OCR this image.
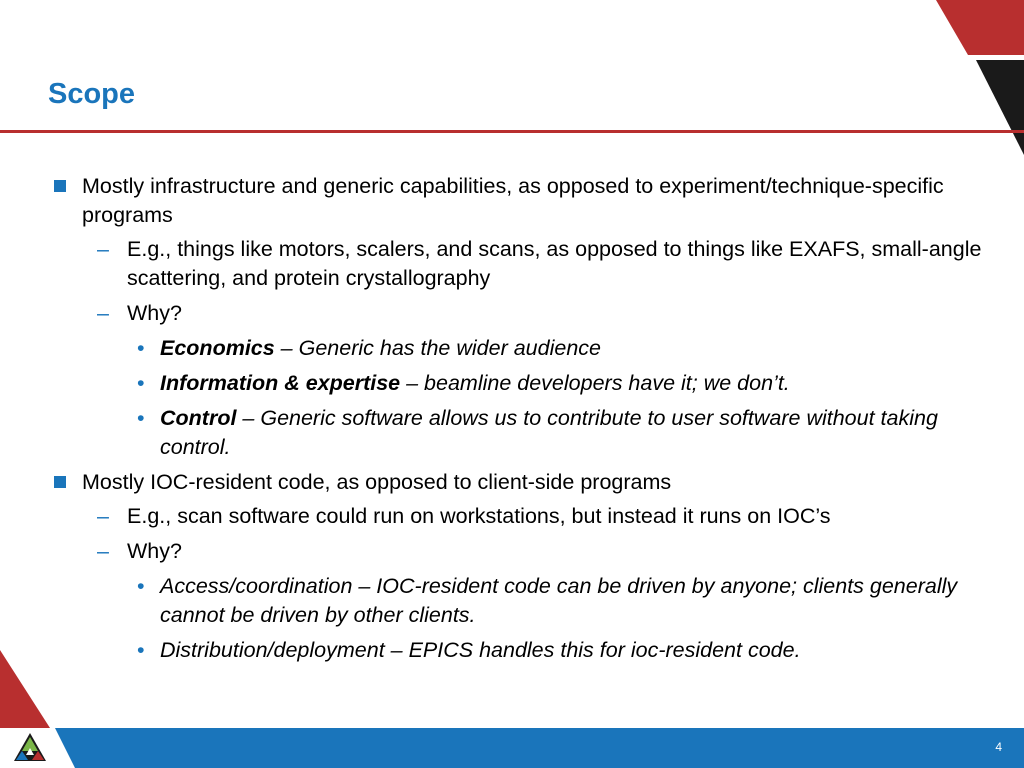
Scope
Mostly infrastructure and generic capabilities, as opposed to experiment/technique-specific programs
– E.g., things like motors, scalers, and scans, as opposed to things like EXAFS, small-angle scattering, and protein crystallography
– Why?
• Economics – Generic has the wider audience
• Information & expertise – beamline developers have it; we don’t.
• Control – Generic software allows us to contribute to user software without taking control.
Mostly IOC-resident code, as opposed to client-side programs
– E.g., scan software could run on workstations, but instead it runs on IOC’s
– Why?
• Access/coordination – IOC-resident code can be driven by anyone; clients generally cannot be driven by other clients.
• Distribution/deployment – EPICS handles this for ioc-resident code.
4
